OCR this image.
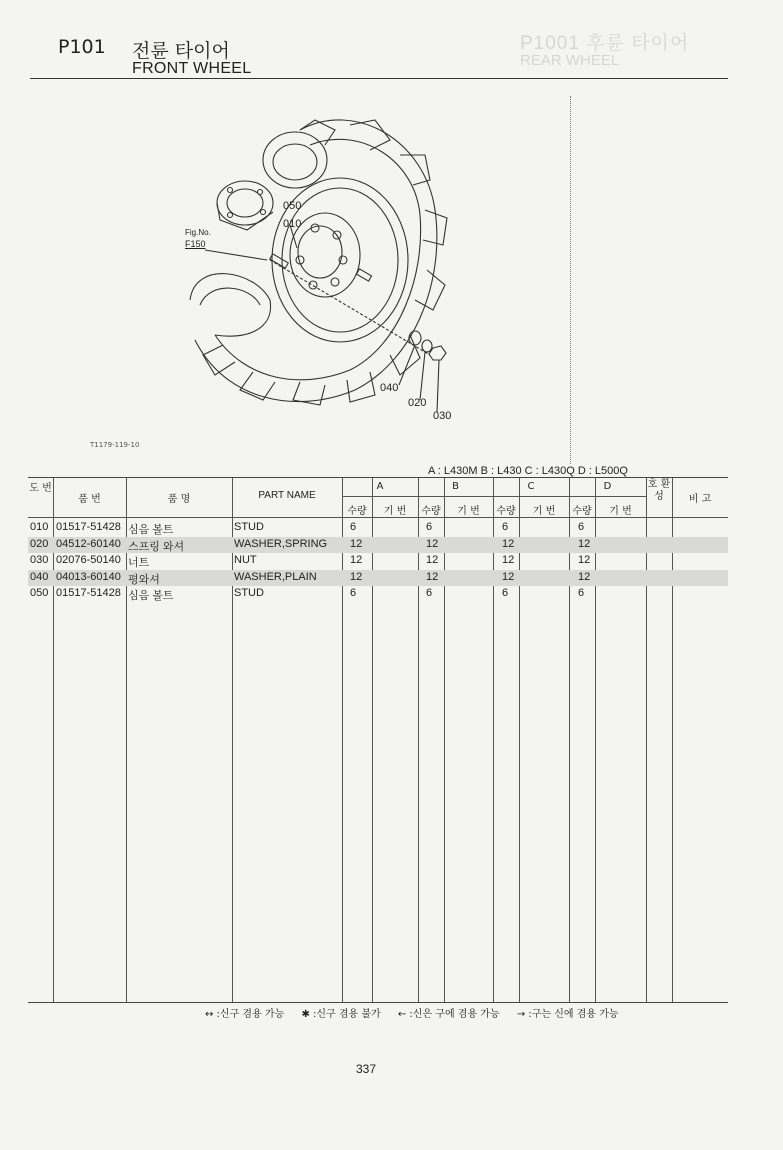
P1001 후륜 타이어
REAR WHEEL
P101 전륜 타이어
FRONT WHEEL
050
010
040
020
030
Fig.No.
F150
T1179-119-10
A : L430M B : L430 C : L430Q D : L500Q
도 번
품 번	품 명	PART NAME
A	B	C	D
수량	기 번	수량	기 번	수량	기 번	수량	기 번
호 환 성	비 고
010 01517-51428 심음 볼트	STUD	6	6	6	6
020 04512-60140 스프링 와셔	WASHER,SPRING 12	12	12	12
030 02076-50140 너트	NUT	12	12	12	12
040 04013-60140 평와셔	WASHER,PLAIN	12	12	12	12
050 01517-51428 심음 볼트	STUD	6	6	6	6
↔ :신구 겸용 가능 ✱ :신구 겸용 불가 ← :신은 구에 겸용 가능 → :구는 신에 겸용 가능
337
